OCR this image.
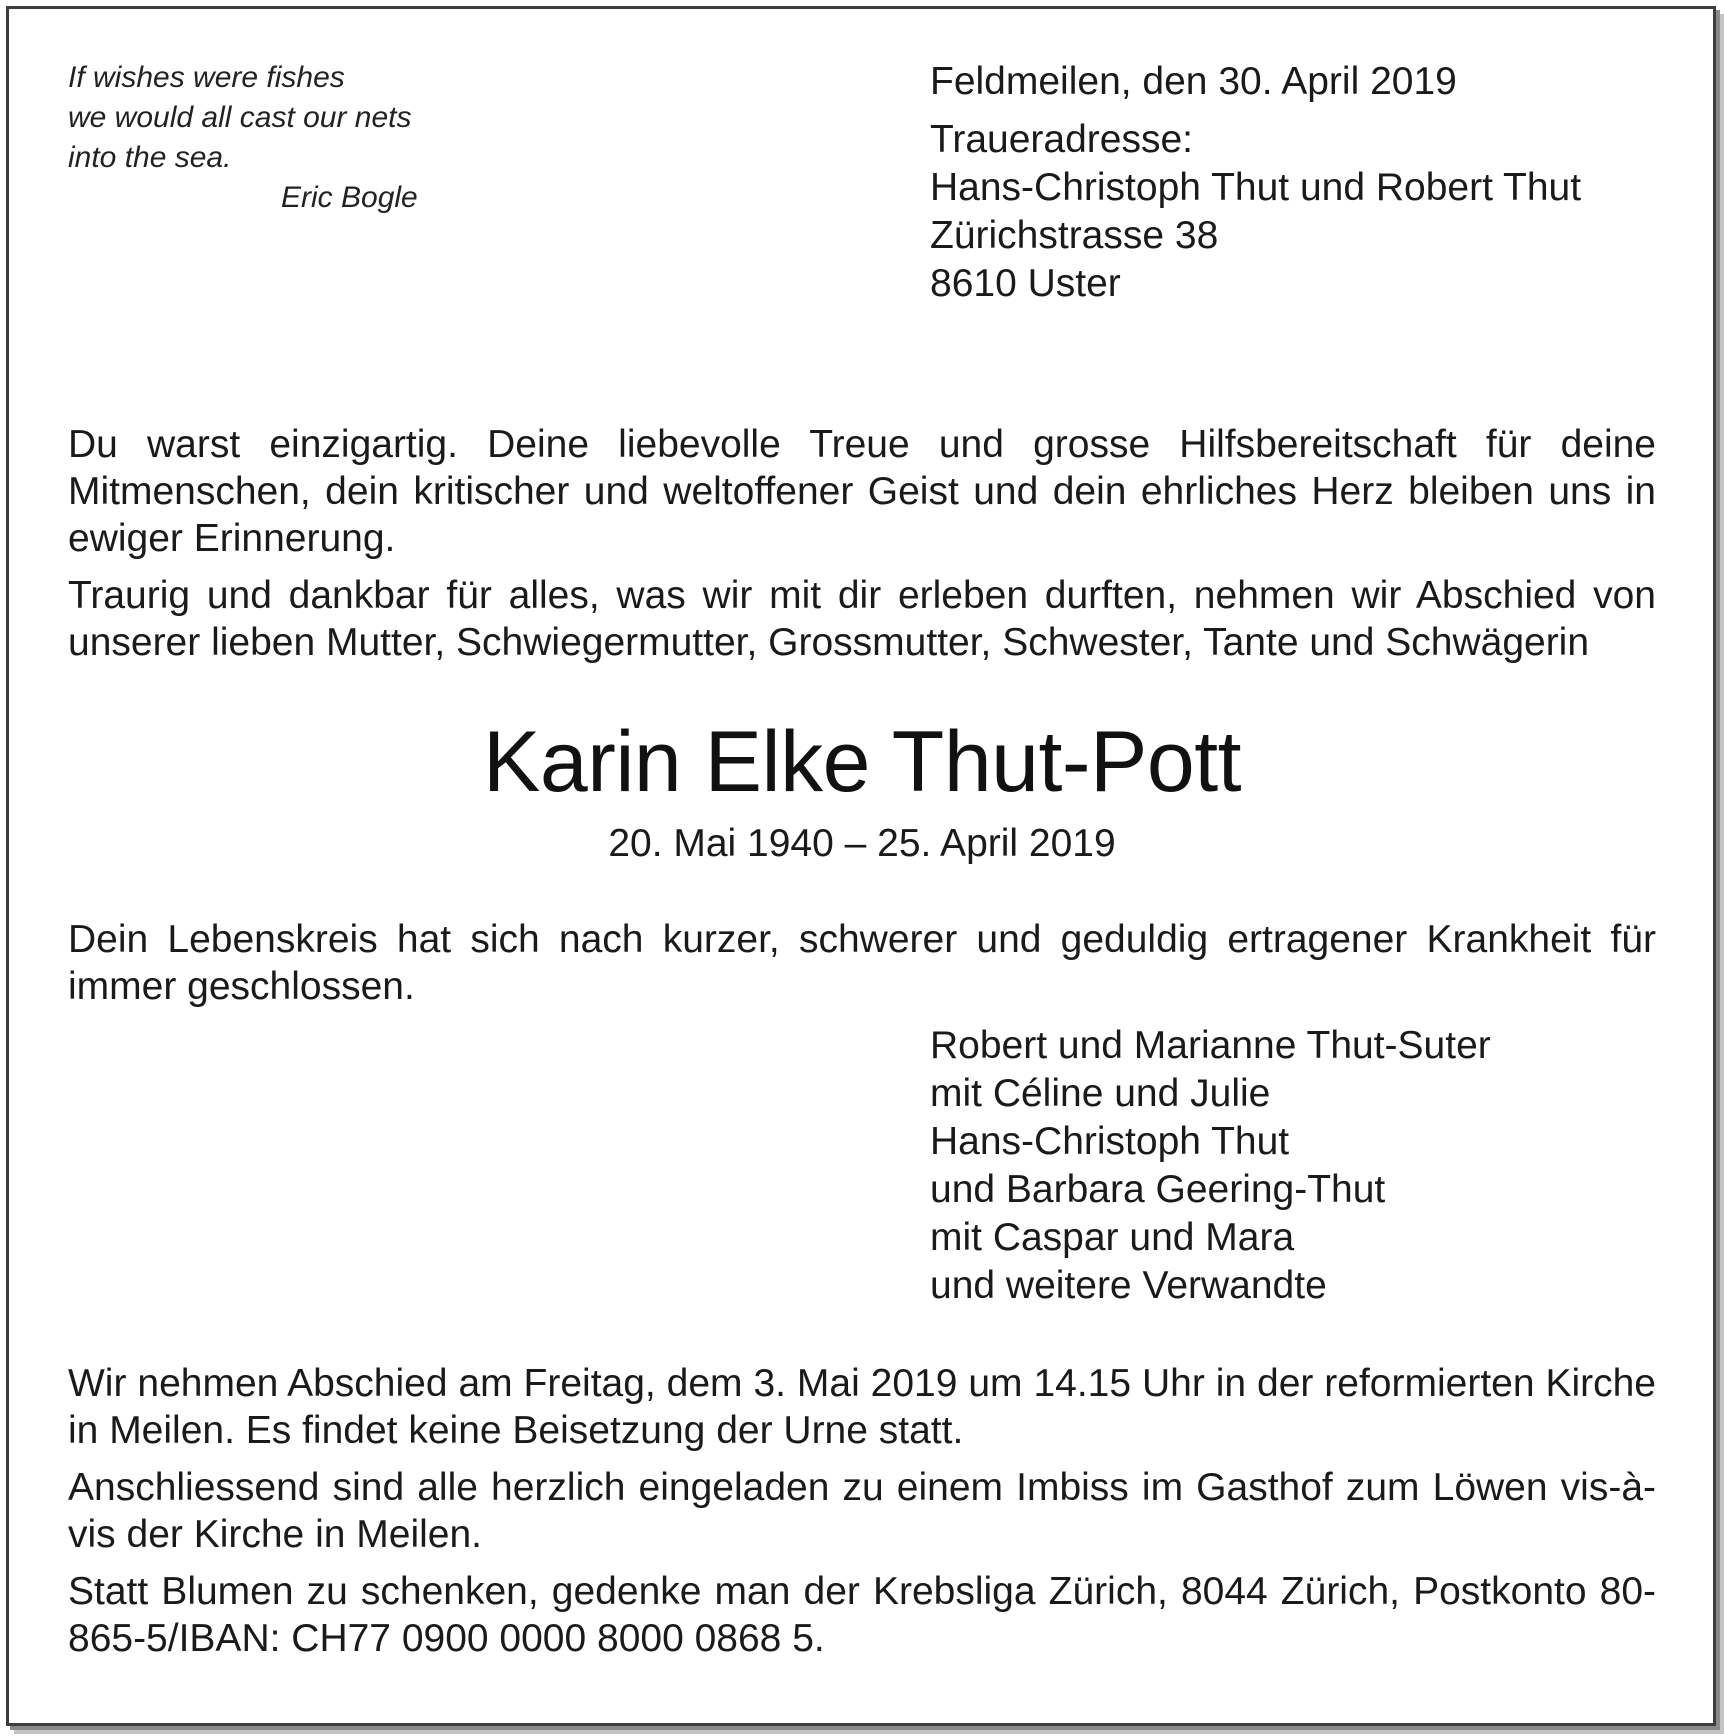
If wishes were fishes
we would all cast our nets
into the sea.
Eric Bogle
Feldmeilen, den 30. April 2019
Traueradresse:
Hans-Christoph Thut und Robert Thut
Zürichstrasse 38
8610 Uster

Du warst einzigartig. Deine liebevolle Treue und grosse Hilfsbereitschaft für deine Mitmenschen, dein kritischer und weltoffener Geist und dein ehrliches Herz bleiben uns in ewiger Erinnerung.

Traurig und dankbar für alles, was wir mit dir erleben durften, nehmen wir Abschied von unserer lieben Mutter, Schwiegermutter, Grossmutter, Schwester, Tante und Schwägerin

Karin Elke Thut-Pott
20. Mai 1940 – 25. April 2019

Dein Lebenskreis hat sich nach kurzer, schwerer und geduldig ertragener Krankheit für immer geschlossen.

Robert und Marianne Thut-Suter
mit Céline und Julie
Hans-Christoph Thut
und Barbara Geering-Thut
mit Caspar und Mara
und weitere Verwandte

Wir nehmen Abschied am Freitag, dem 3. Mai 2019 um 14.15 Uhr in der reformierten Kirche in Meilen. Es findet keine Beisetzung der Urne statt.

Anschliessend sind alle herzlich eingeladen zu einem Imbiss im Gasthof zum Löwen vis-à-vis der Kirche in Meilen.

Statt Blumen zu schenken, gedenke man der Krebsliga Zürich, 8044 Zürich, Postkonto 80-865-5/IBAN: CH77 0900 0000 8000 0868 5.
